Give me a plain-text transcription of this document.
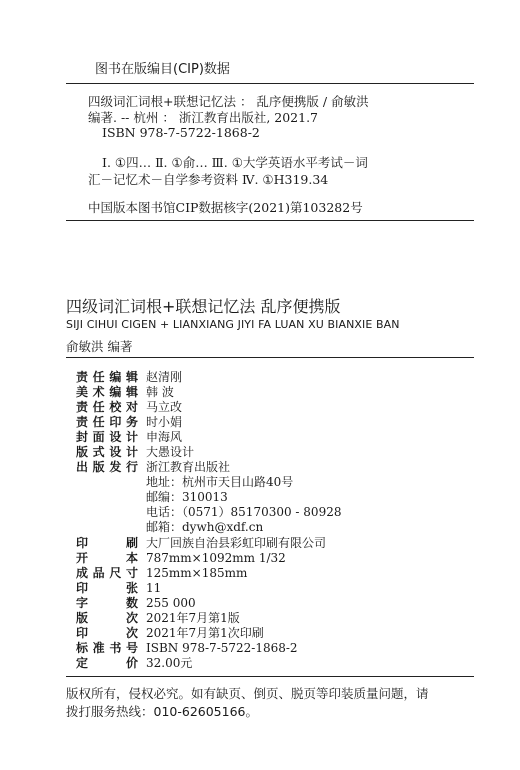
图书在版编目(CIP)数据
四级词汇词根+联想记忆法 ： 乱序便携版 / 俞敏洪
编著. -- 杭州 ： 浙江教育出版社, 2021.7
ISBN 978-7-5722-1868-2
Ⅰ. ①四… Ⅱ. ①俞… Ⅲ. ①大学英语水平考试－词
汇－记忆术－自学参考资料 Ⅳ. ①H319.34
中国版本图书馆CIP数据核字(2021)第103282号
四级词汇词根+联想记忆法 乱序便携版
SIJI CIHUI CIGEN + LIANXIANG JIYI FA LUAN XU BIANXIE BAN
俞敏洪 编著
责任编辑 赵清刚
美术编辑 韩 波
责任校对 马立改
责任印务 时小娟
封面设计 申海风
版式设计 大愚设计
出版发行 浙江教育出版社
地址：杭州市天目山路40号
邮编：310013
电话：（0571）85170300 - 80928
邮箱：dywh@xdf.cn
印刷 大厂回族自治县彩虹印刷有限公司
开本 787mm×1092mm 1/32
成品尺寸 125mm×185mm
印张 11
字数 255 000
版次 2021年7月第1版
印次 2021年7月第1次印刷
标准书号 ISBN 978-7-5722-1868-2
定价 32.00元
版权所有，侵权必究。如有缺页、倒页、脱页等印装质量问题，请
拨打服务热线：010-62605166。
